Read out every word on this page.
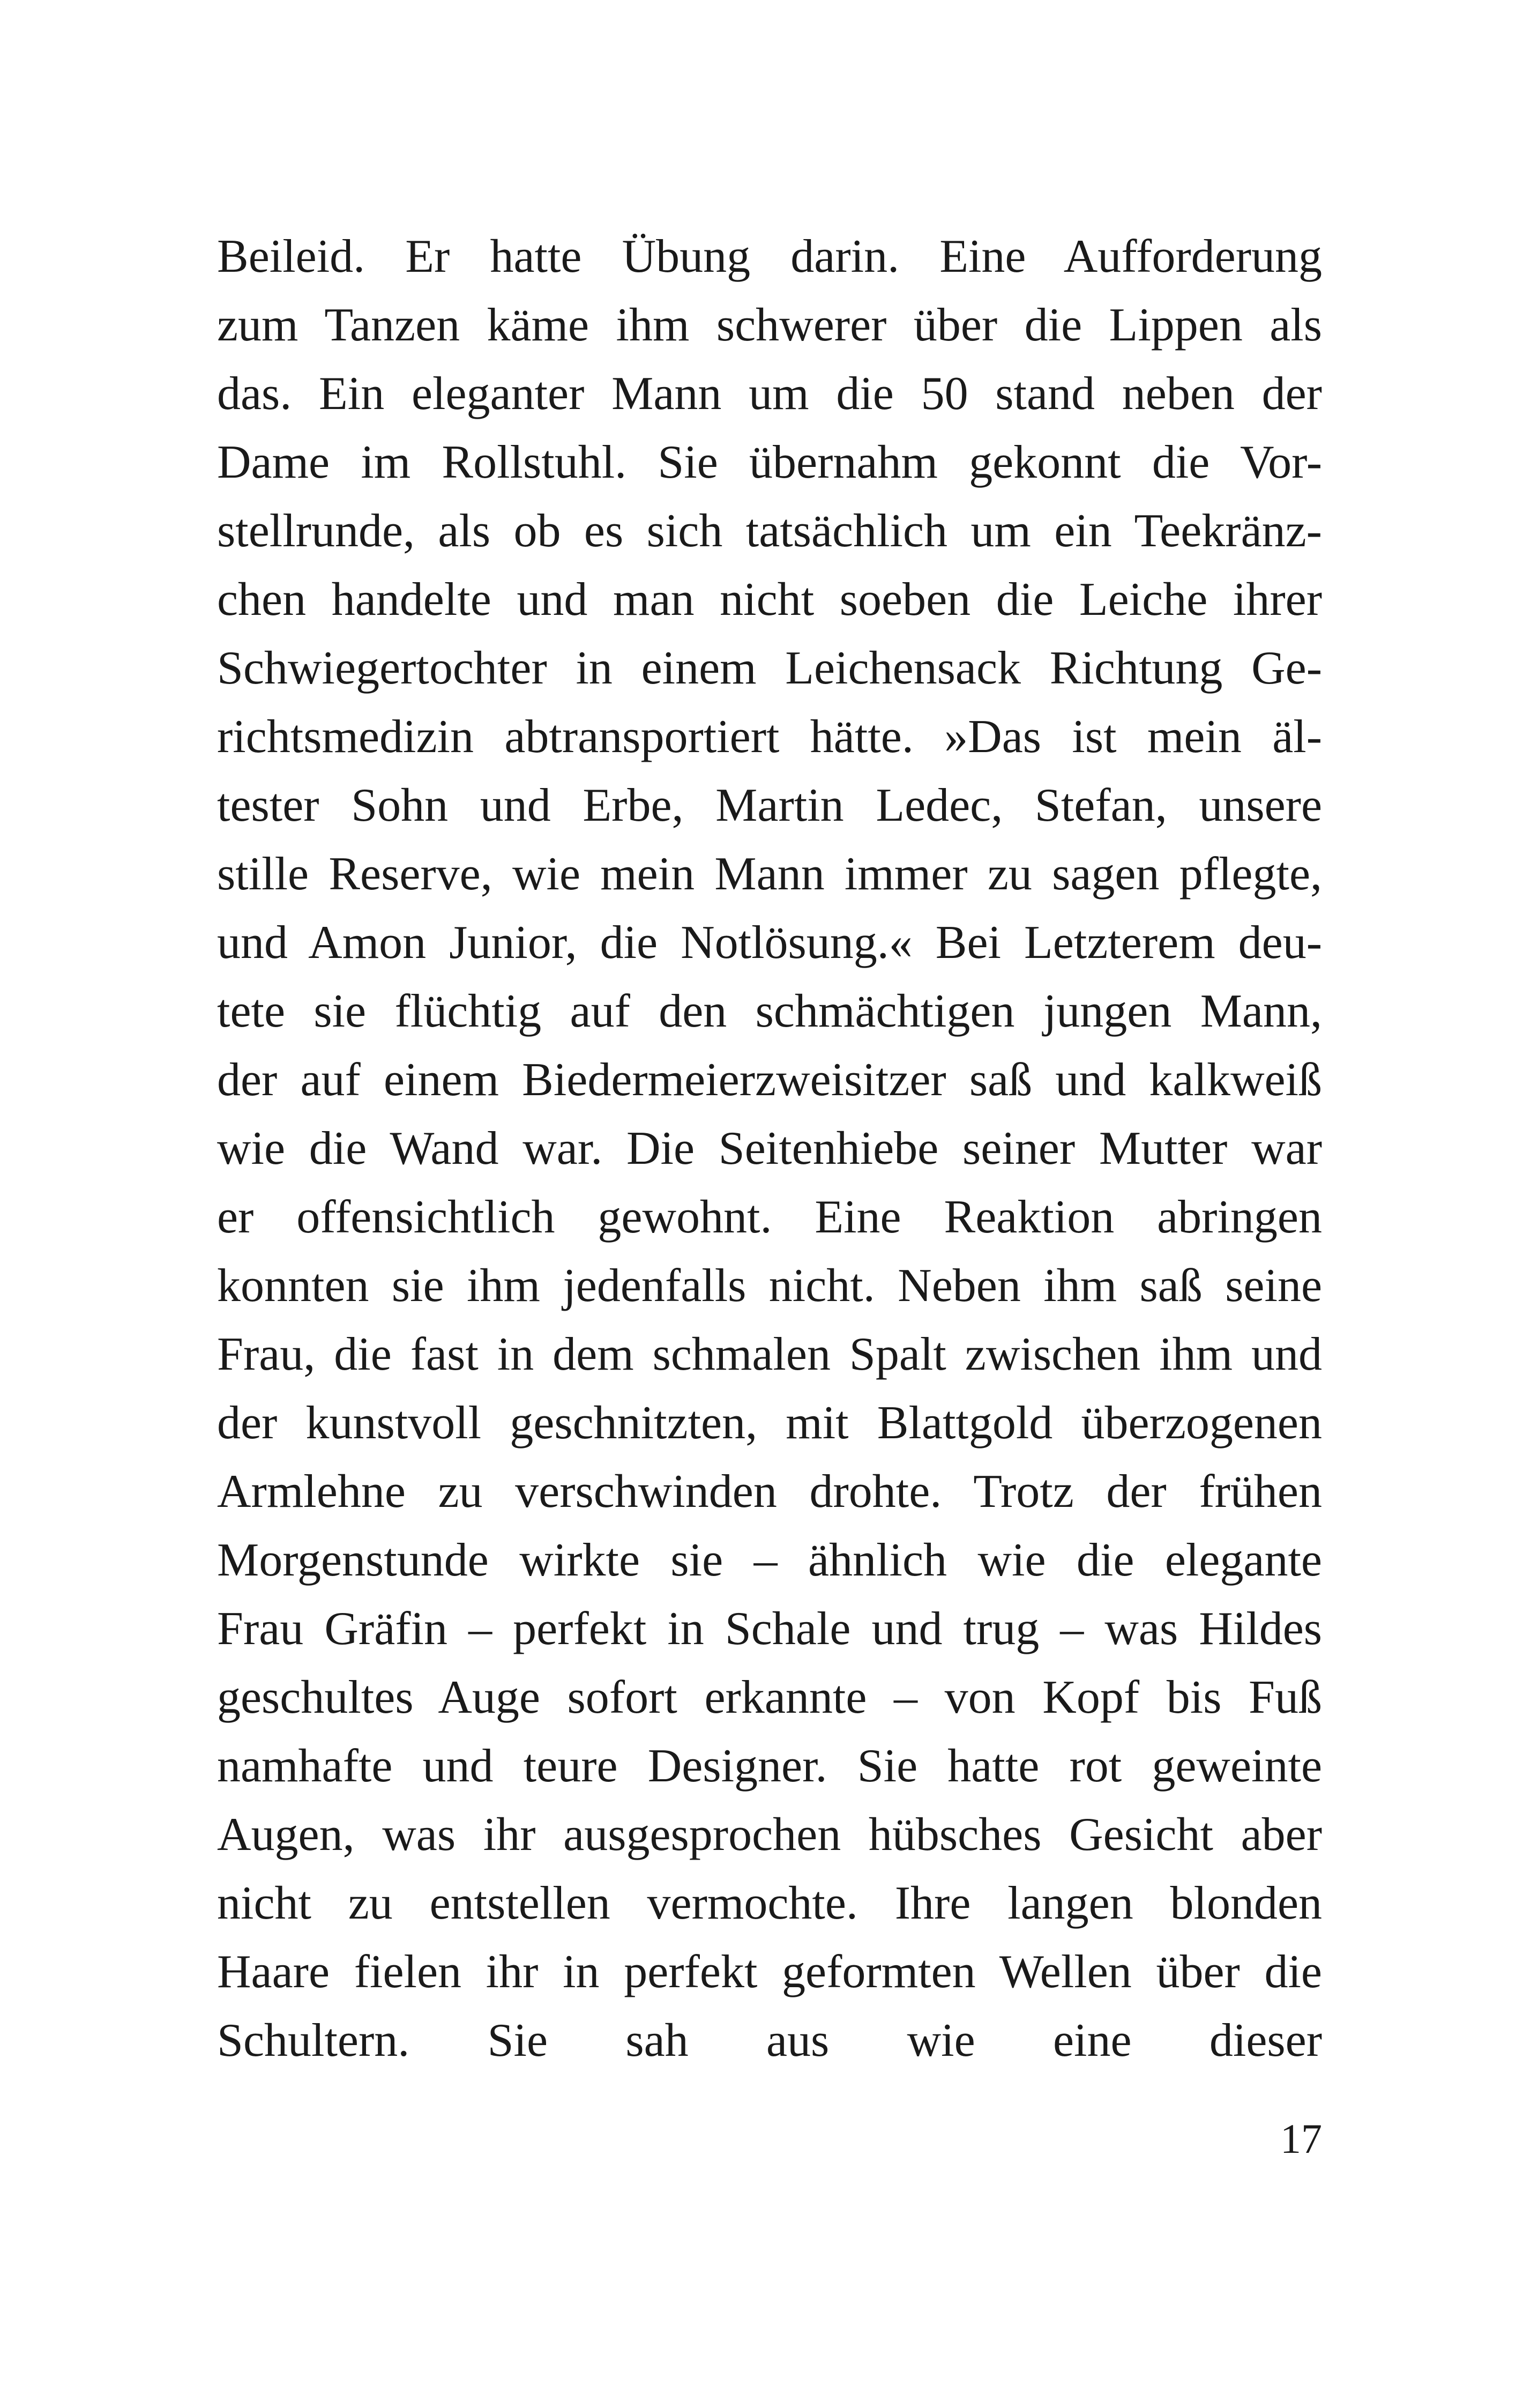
Beileid. Er hatte Übung darin. Eine Aufforderung
zum Tanzen käme ihm schwerer über die Lippen als
das. Ein eleganter Mann um die 50 stand neben der
Dame im Rollstuhl. Sie übernahm gekonnt die Vor-
stellrunde, als ob es sich tatsächlich um ein Teekränz-
chen handelte und man nicht soeben die Leiche ihrer
Schwiegertochter in einem Leichensack Richtung Ge-
richtsmedizin abtransportiert hätte. »Das ist mein äl-
tester Sohn und Erbe, Martin Ledec, Stefan, unsere
stille Reserve, wie mein Mann immer zu sagen pflegte,
und Amon Junior, die Notlösung.« Bei Letzterem deu-
tete sie flüchtig auf den schmächtigen jungen Mann,
der auf einem Biedermeierzweisitzer saß und kalkweiß
wie die Wand war. Die Seitenhiebe seiner Mutter war
er offensichtlich gewohnt. Eine Reaktion abringen
konnten sie ihm jedenfalls nicht. Neben ihm saß seine
Frau, die fast in dem schmalen Spalt zwischen ihm und
der kunstvoll geschnitzten, mit Blattgold überzogenen
Armlehne zu verschwinden drohte. Trotz der frühen
Morgenstunde wirkte sie – ähnlich wie die elegante
Frau Gräfin – perfekt in Schale und trug – was Hildes
geschultes Auge sofort erkannte – von Kopf bis Fuß
namhafte und teure Designer. Sie hatte rot geweinte
Augen, was ihr ausgesprochen hübsches Gesicht aber
nicht zu entstellen vermochte. Ihre langen blonden
Haare fielen ihr in perfekt geformten Wellen über die
Schultern. Sie sah aus wie eine dieser
17
